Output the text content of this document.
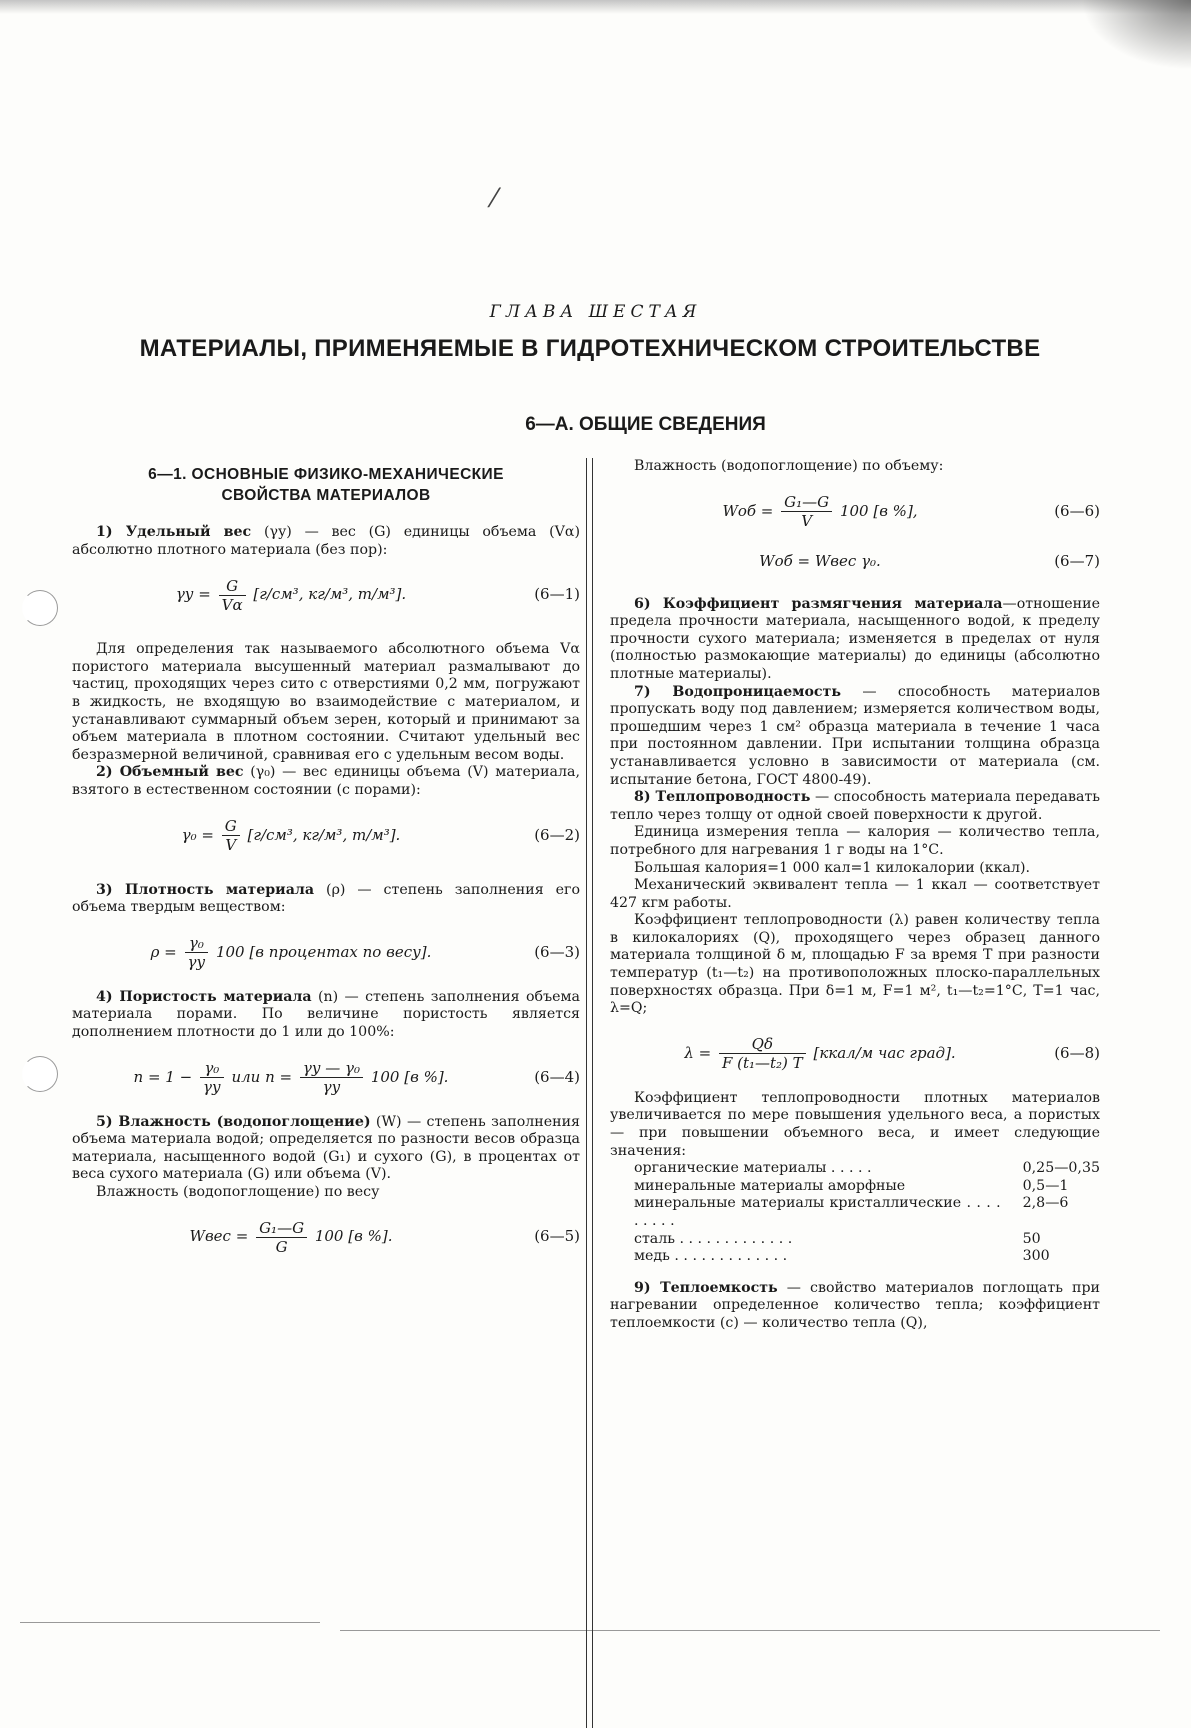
⁄
ГЛАВА ШЕСТАЯ
МАТЕРИАЛЫ, ПРИМЕНЯЕМЫЕ В ГИДРОТЕХНИЧЕСКОМ СТРОИТЕЛЬСТВЕ
6—А. ОБЩИЕ СВЕДЕНИЯ
6—1. ОСНОВНЫЕ ФИЗИКО-МЕХАНИЧЕСКИЕ
СВОЙСТВА МАТЕРИАЛОВ

1) Удельный вес (γу) — вес (G) единицы объема (Vα) абсолютно плотного материала (без пор):

$\gamma у = \frac{G}{V\alpha} [г/см^3$, кг/м³, т/м³].	(6—1)

Для определения так называемого абсолютного объема Vα пористого материала высушенный материал размалывают до частиц, проходящих через сито с отверстиями 0,2 мм, погружают в жидкость, не входящую во взаимодействие с материалом, и устанавливают суммарный объем зерен, который и принимают за объем материала в плотном состоянии. Считают удельный вес безразмерной величиной, сравнивая его с удельным весом воды.

2) Объемный вес (γ₀) — вес единицы объема (V) материала, взятого в естественном состоянии (с порами):

$\gamma_0 = \frac{G}{V} [г/см^3$, кг/м³, т/м³].	(6—2)

3) Плотность материала (ρ) — степень заполнения его объема твердым веществом:

$\rho = \frac{\text{γ₀}}{\gamma у} 100$ [в процентах по весу].	(6—3)

4) Пористость материала (n) — степень заполнения объема материала порами. По величине пористость является дополнением плотности до 1 или до 100%:

$n = 1 - \frac{\text{γ₀}}{\gamma у}$ или $n = \frac{\text{γу — γ₀}}{\gamma у} 100$ [в %].	(6—4)

5) Влажность (водопоглощение) (W) — степень заполнения объема материала водой; определяется по разности весов образца материала, насыщенного водой (G₁) и сухого (G), в процентах от веса сухого материала (G) или объема (V).

Влажность (водопоглощение) по весу

Wвес = $\frac{\text{G₁—G}}{G} 100$ [в %].	(6—5)

Влажность (водопоглощение) по объему:

Wоб = $\frac{\text{G₁—G}}{V} 100$ [в %],	(6—6)
Wоб = Wвес γ₀.	(6—7)

6) Коэффициент размягчения материала—отношение предела прочности материала, насыщенного водой, к пределу прочности сухого материала; изменяется в пределах от нуля (полностью размокающие материалы) до единицы (абсолютно плотные материалы).

7) Водопроницаемость — способность материалов пропускать воду под давлением; измеряется количеством воды, прошедшим через 1 см² образца материала в течение 1 часа при постоянном давлении. При испытании толщина образца устанавливается условно в зависимости от материала (см. испытание бетона, ГОСТ 4800-49).

8) Теплопроводность — способность материала передавать тепло через толщу от одной своей поверхности к другой.

Единица измерения тепла — калория — количество тепла, потребного для нагревания 1 г воды на 1°С.

Большая калория=1 000 кал=1 килокалории (ккал).

Механический эквивалент тепла — 1 ккал — соответствует 427 кгм работы.

Коэффициент теплопроводности (λ) равен количеству тепла в килокалориях (Q), проходящего через образец данного материала толщиной δ м, площадью F за время T при разности температур (t₁—t₂) на противоположных плоско-параллельных поверхностях образца. При δ=1 м, F=1 м², t₁—t₂=1°С, T=1 час, λ=Q;

$\lambda = \frac{Q\delta}{\text{F (t₁—t₂) T}}$ [ккал/м час град].	(6—8)

Коэффициент теплопроводности плотных материалов увеличивается по мере повышения удельного веса, а пористых — при повышении объемного веса, и имеет следующие значения:

органические материалы . . . . .	0,25—0,35
минеральные материалы аморфные	0,5—1
минеральные материалы кристаллические . . . . . . . . .	2,8—6
сталь . . . . . . . . . . . . .	50
медь . . . . . . . . . . . . .	300

9) Теплоемкость — свойство материалов поглощать при нагревании определенное количество тепла; коэффициент теплоемкости (с) — количество тепла (Q),
